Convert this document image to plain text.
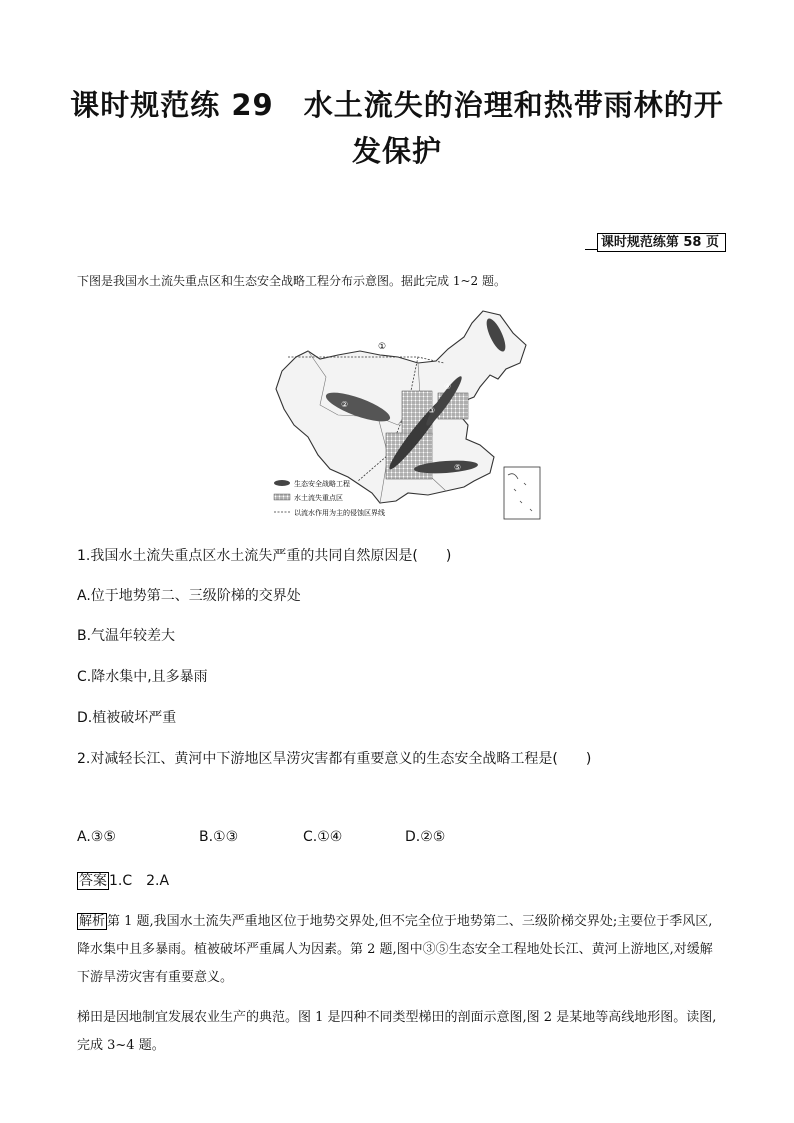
课时规范练 29　水土流失的治理和热带雨林的开
发保护
课时规范练第 58 页
下图是我国水土流失重点区和生态安全战略工程分布示意图。据此完成 1~2 题。
①
②
③
④
⑤
生态安全战略工程
水土流失重点区
以流水作用为主的侵蚀区界线
1.我国水土流失重点区水土流失严重的共同自然原因是(　　)
A.位于地势第二、三级阶梯的交界处
B.气温年较差大
C.降水集中,且多暴雨
D.植被破坏严重
2.对减轻长江、黄河中下游地区旱涝灾害都有重要意义的生态安全战略工程是(　　)
A.③⑤	B.①③	C.①④	D.②⑤
答案 1.C　2.A
解析 第 1 题,我国水土流失严重地区位于地势交界处,但不完全位于地势第二、三级阶梯交界处;主要位于季风区,降水集中且多暴雨。植被破坏严重属人为因素。第 2 题,图中③⑤生态安全工程地处长江、黄河上游地区,对缓解下游旱涝灾害有重要意义。
梯田是因地制宜发展农业生产的典范。图 1 是四种不同类型梯田的剖面示意图,图 2 是某地等高线地形图。读图,完成 3~4 题。
